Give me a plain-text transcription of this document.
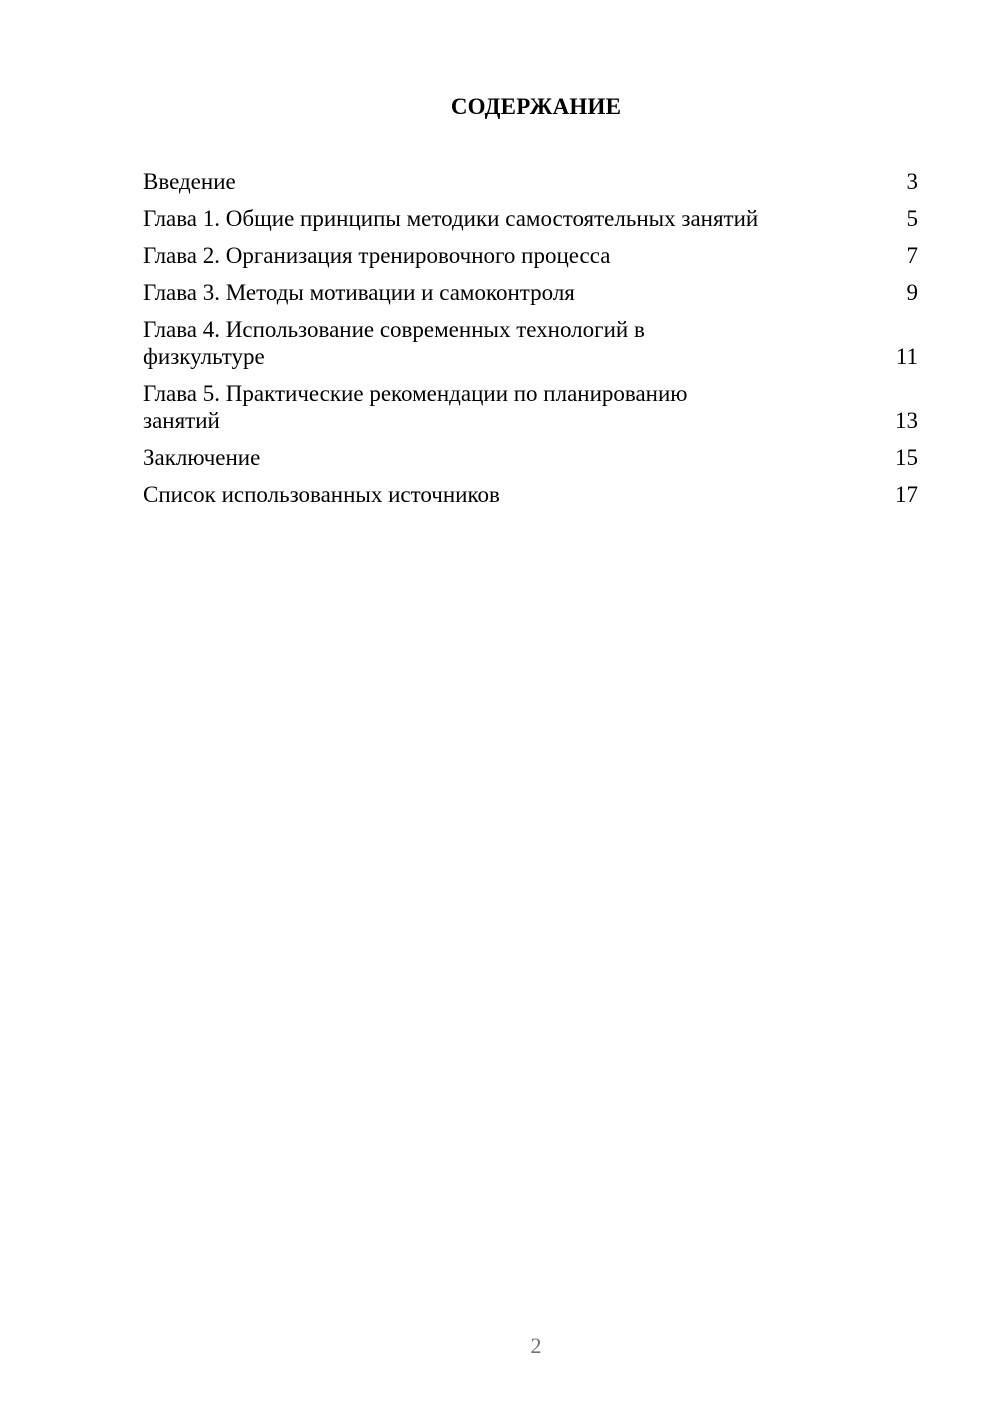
СОДЕРЖАНИЕ
Введение	3
Глава 1. Общие принципы методики самостоятельных занятий	5
Глава 2. Организация тренировочного процесса	7
Глава 3. Методы мотивации и самоконтроля	9
Глава 4. Использование современных технологий в
физкультуре	11
Глава 5. Практические рекомендации по планированию
занятий	13
Заключение	15
Список использованных источников	17
2
